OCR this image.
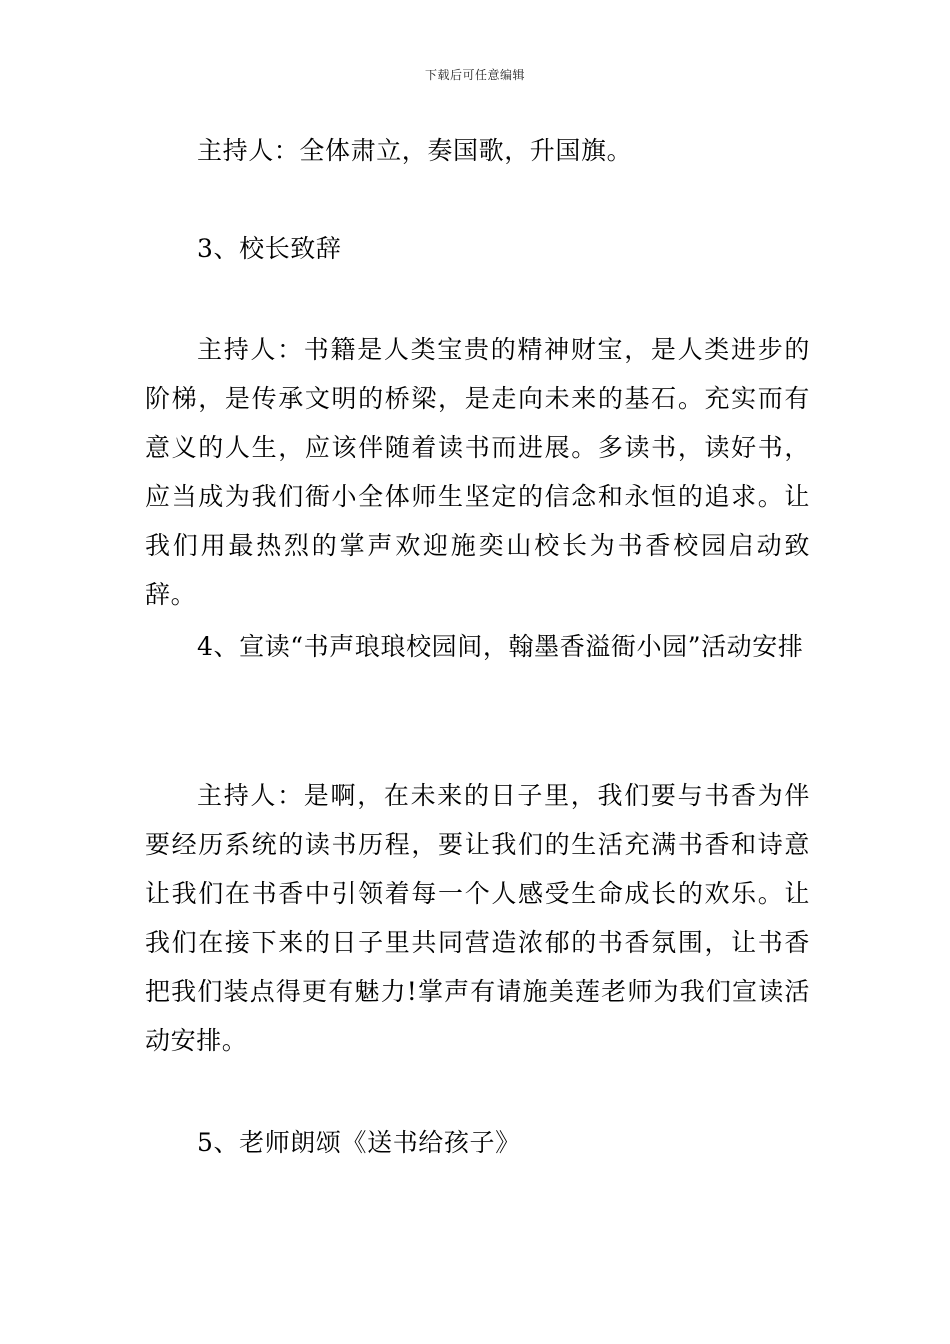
下载后可任意编辑

主持人：全体肃立，奏国歌，升国旗。

3、校长致辞

主持人：书籍是人类宝贵的精神财宝，是人类进步的阶梯，是传承文明的桥梁，是走向未来的基石。充实而有意义的人生，应该伴随着读书而进展。多读书，读好书，应当成为我们衙小全体师生坚定的信念和永恒的追求。让我们用最热烈的掌声欢迎施奕山校长为书香校园启动致辞。

4、宣读“书声琅琅校园间，翰墨香溢衙小园”活动安排

主持人：是啊，在未来的日子里，我们要与书香为伴要经历系统的读书历程，要让我们的生活充满书香和诗意让我们在书香中引领着每一个人感受生命成长的欢乐。让我们在接下来的日子里共同营造浓郁的书香氛围，让书香把我们装点得更有魅力!掌声有请施美莲老师为我们宣读活动安排。

5、老师朗颂《送书给孩子》
